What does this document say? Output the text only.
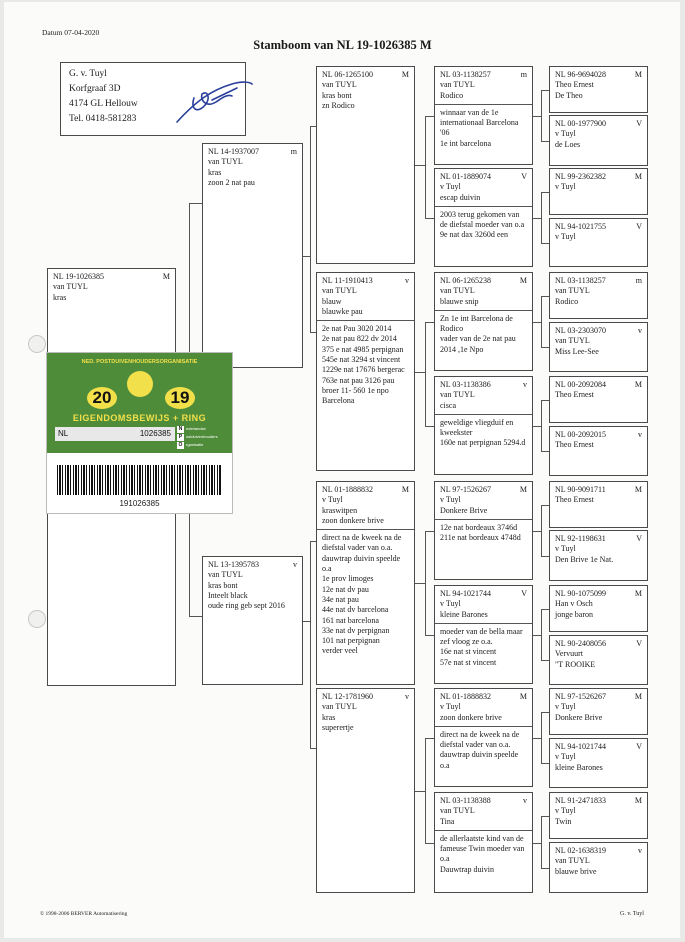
Datum 07-04-2020
Stamboom van NL 19-1026385 M
G. v. Tuyl
Korfgraaf 3D
4174 GL Hellouw
Tel. 0418-581283
NL 19-1026385	M
van TUYL
kras
NL 14-1937007	m
van TUYL
kras
zoon 2 nat pau
NL 13-1395783	v
van TUYL
kras bont
Inteelt black
oude ring geb sept 2016
NL 06-1265100	M
van TUYL
kras bont
zn Rodico
NL 11-1910413	v
van TUYL
blauw
blauwke pau
2e nat Pau 3020 2014
2e nat pau 822 dv 2014
375 e nat 4985 perpignan
545e nat 3294 st vincent
1229e nat 17676 bergerac
763e nat pau 3126 pau
broer 11- 560 1e npo
Barcelona
NL 01-1888832	M
v Tuyl
kraswitpen
zoon donkere brive
direct na de kweek na de diefstal vader van o.a. dauwtrap duivin speelde o.a
1e prov limoges
12e nat dv pau
34e nat pau
44e nat dv barcelona
161 nat barcelona
33e nat dv perpignan
101 nat perpignan
verder veel
NL 12-1781960	v
van TUYL
kras
superertje
NL 03-1138257	m
van TUYL
Rodico
winnaar van de 1e internationaal Barcelona '06
1e int barcelona
NL 01-1889074	V
v Tuyl
escap duivin
2003 terug gekomen van de diefstal moeder van o.a
9e nat dax 3260d een
NL 06-1265238	M
van TUYL
blauwe snip
Zn 1e int Barcelona de Rodico
vader van de 2e nat pau 2014 ,1e Npo
NL 03-1138386	v
van TUYL
cisca
geweldige vliegduif en kweekster
160e nat perpignan 5294.d
NL 97-1526267	M
v Tuyl
Donkere Brive
12e nat bordeaux 3746d
211e nat bordeaux 4748d
NL 94-1021744	V
v Tuyl
kleine Barones
moeder van de bella maar zef vloog ze o.a.
16e nat st vincent
57e nat st vincent
NL 01-1888832	M
v Tuyl
zoon donkere brive
direct na de kweek na de diefstal vader van o.a. dauwtrap duivin speelde o.a
NL 03-1138388	v
van TUYL
Tina
de allerlaatste kind van de fameuse Twin moeder van o.a
Dauwtrap duivin
NL 96-9694028	M
Theo Ernest
De Theo
NL 00-1977900	V
v Tuyl
de Loes
NL 99-2362382	M
v Tuyl
NL 94-1021755	V
v Tuyl
NL 03-1138257	m
van TUYL
Rodico
NL 03-2303070	v
van TUYL
Miss Lee-See
NL 00-2092084	M
Theo Ernest
NL 00-2092015	v
Theo Ernest
NL 90-9091711	M
Theo Ernest
NL 92-1198631	V
v Tuyl
Den Brive 1e Nat.
NL 90-1075099	M
Han v Osch
jonge baron
NL 90-2408056	V
Vervuurt
"T ROOIKE
NL 97-1526267	M
v Tuyl
Donkere Brive
NL 94-1021744	V
v Tuyl
kleine Barones
NL 91-2471833	M
v Tuyl
Twin
NL 02-1638319	v
van TUYL
blauwe brive
NED. POSTDUIVENHOUDERSORGANISATIE
20	19
EIGENDOMSBEWIJS + RING
NL	1026385	N ederlandse
P ostduivenhouders
O rganisatie
191026385
© 1998-2006 BERVER Automatisering	G. v. Tuyl
